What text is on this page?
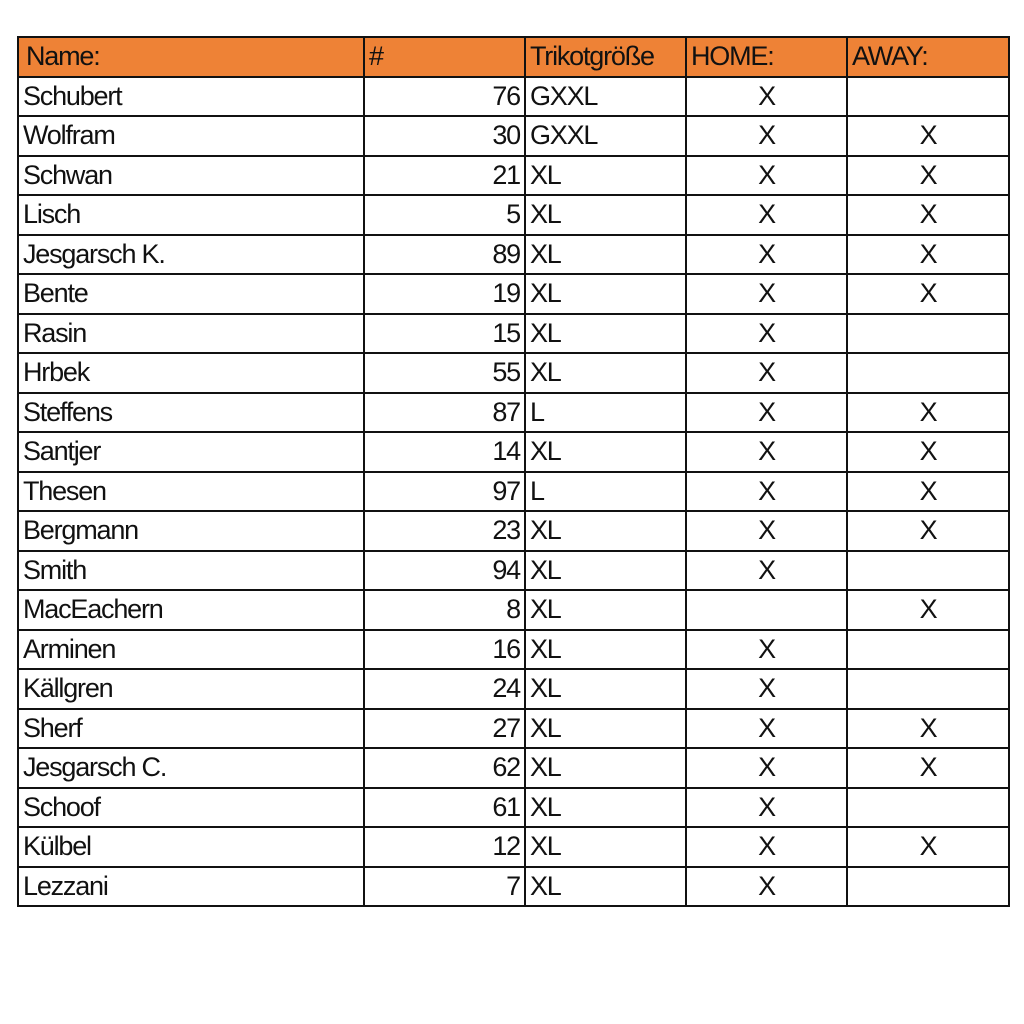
Name:	#	Trikotgröße	HOME:	AWAY:
Schubert	76	GXXL	X	
Wolfram	30	GXXL	X	X
Schwan	21	XL	X	X
Lisch	5	XL	X	X
Jesgarsch K.	89	XL	X	X
Bente	19	XL	X	X
Rasin	15	XL	X	
Hrbek	55	XL	X	
Steffens	87	L	X	X
Santjer	14	XL	X	X
Thesen	97	L	X	X
Bergmann	23	XL	X	X
Smith	94	XL	X	
MacEachern	8	XL		X
Arminen	16	XL	X	
Källgren	24	XL	X	
Sherf	27	XL	X	X
Jesgarsch C.	62	XL	X	X
Schoof	61	XL	X	
Külbel	12	XL	X	X
Lezzani	7	XL	X	
